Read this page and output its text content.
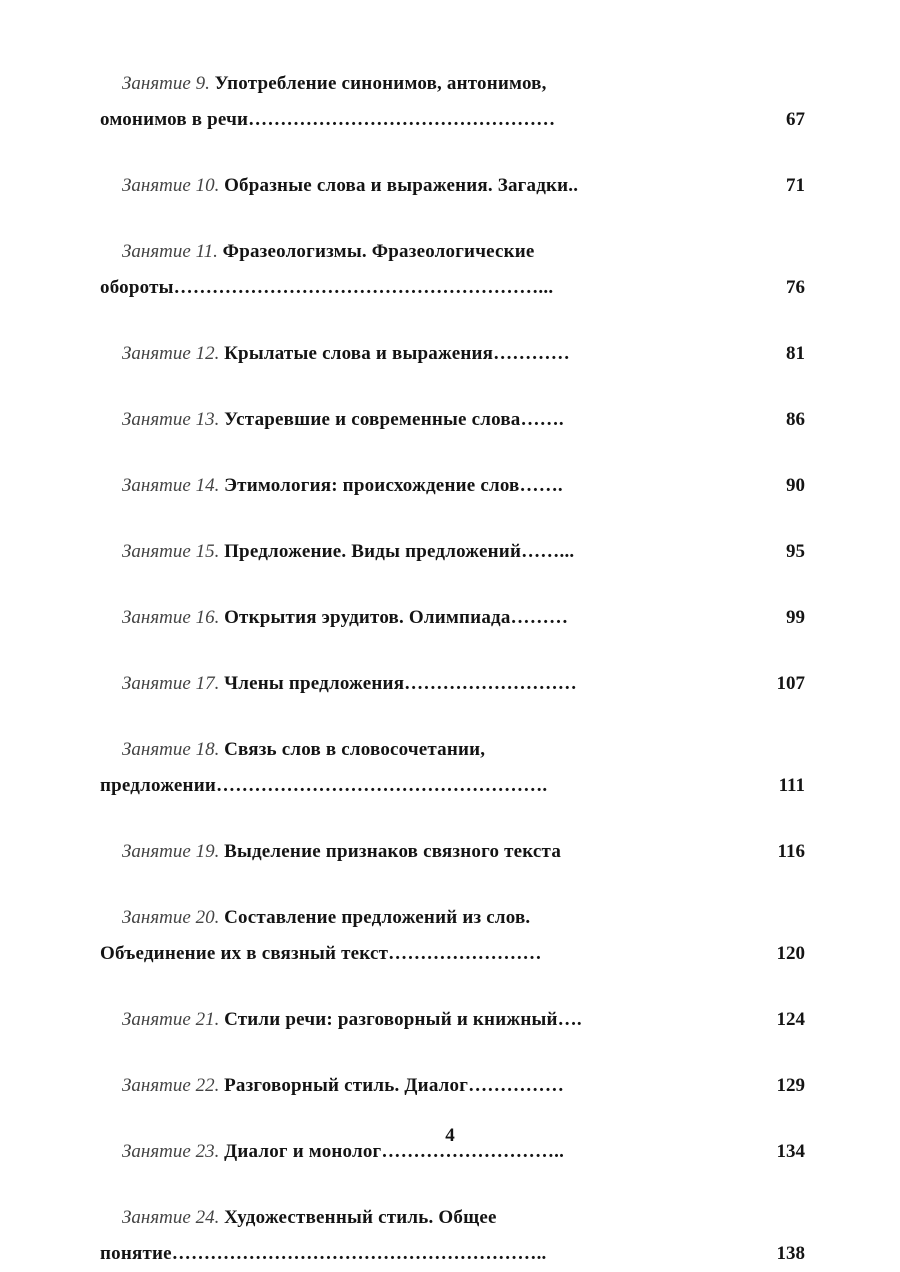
Занятие 9. Употребление синонимов, антонимов,
омонимов в речи…………………………………………	67
Занятие 10. Образные слова и выражения. Загадки..	71
Занятие 11. Фразеологизмы. Фразеологические
обороты…………………………………………………...	76
Занятие 12. Крылатые слова и выражения…………	81
Занятие 13. Устаревшие и современные слова…….	86
Занятие 14. Этимология: происхождение слов…….	90
Занятие 15. Предложение. Виды предложений……...	95
Занятие 16. Открытия эрудитов. Олимпиада………	99
Занятие 17. Члены предложения………………………	107
Занятие 18. Связь слов в словосочетании,
предложении…………………………………………….	111
Занятие 19. Выделение признаков связного текста	116
Занятие 20. Составление предложений из слов.
Объединение их в связный текст……………………	120
Занятие 21. Стили речи: разговорный и книжный….	124
Занятие 22. Разговорный стиль. Диалог……………	129
Занятие 23. Диалог и монолог………………………..	134
Занятие 24. Художественный стиль. Общее
понятие…………………………………………………..	138
4
